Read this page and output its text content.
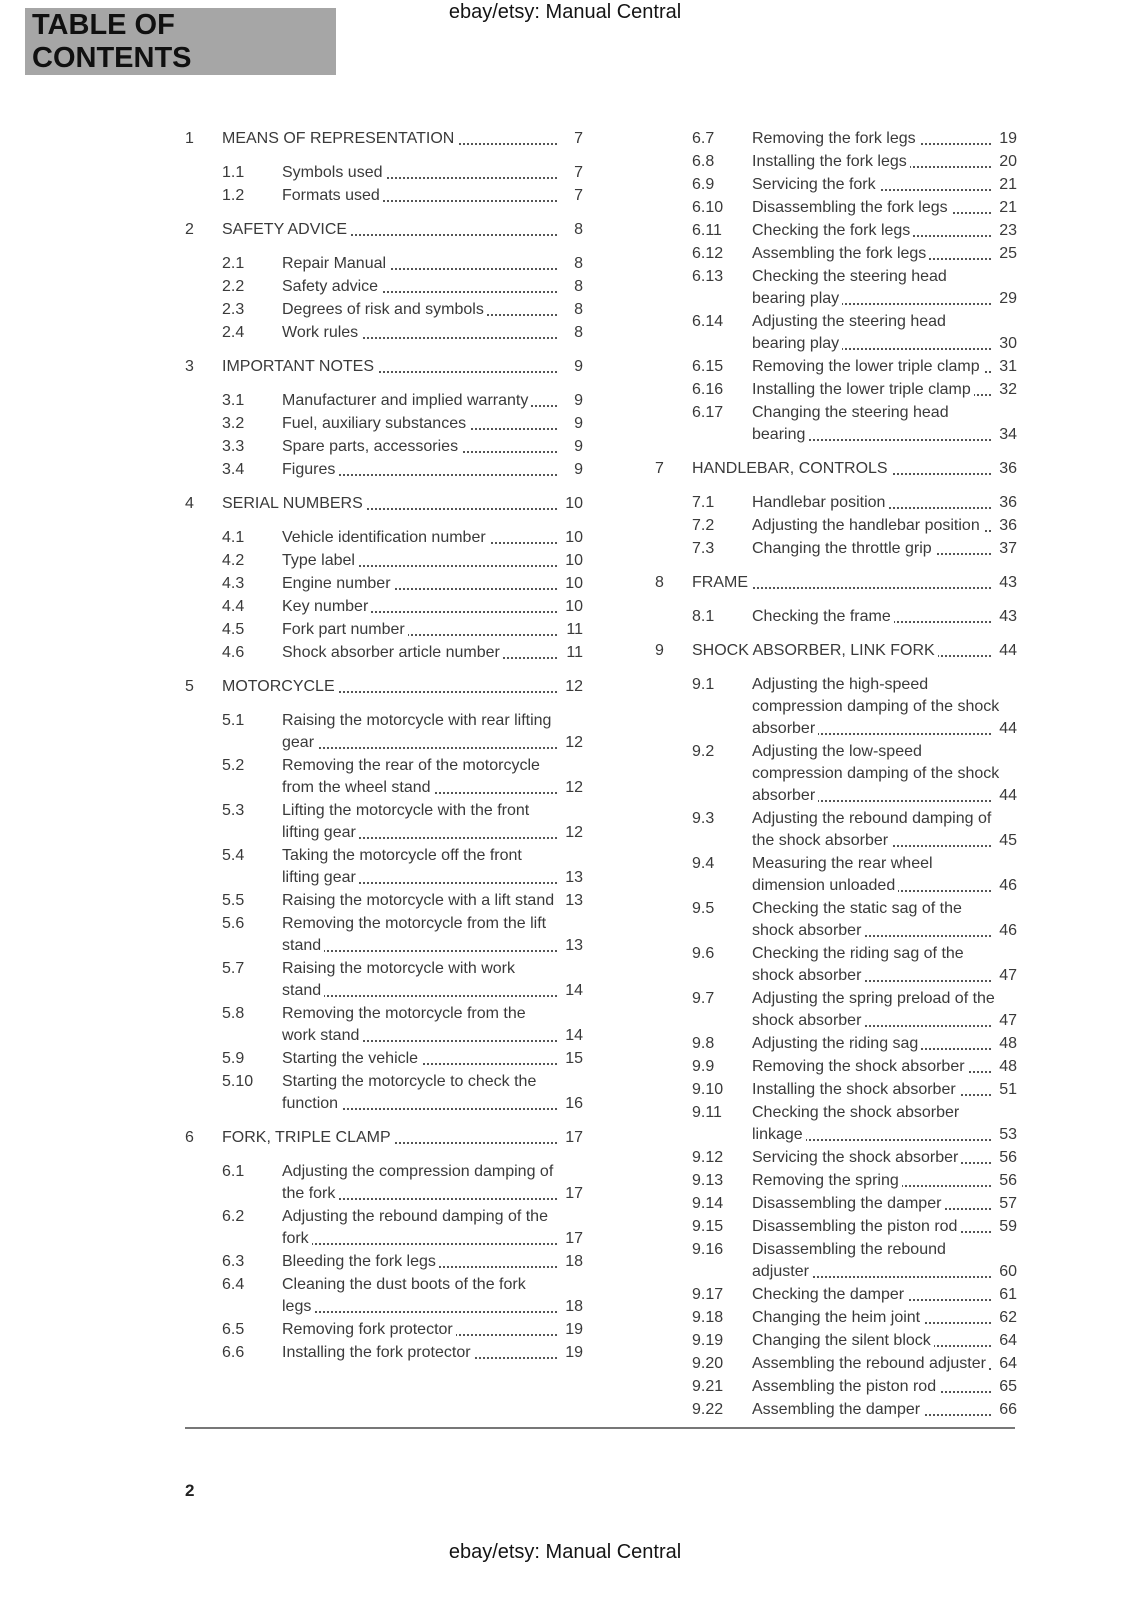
ebay/etsy: Manual Central
TABLE OF CONTENTS
1	MEANS OF REPRESENTATION	7
1.1	Symbols used	7
1.2	Formats used	7
2	SAFETY ADVICE	8
2.1	Repair Manual	8
2.2	Safety advice	8
2.3	Degrees of risk and symbols	8
2.4	Work rules	8
3	IMPORTANT NOTES	9
3.1	Manufacturer and implied warranty	9
3.2	Fuel, auxiliary substances	9
3.3	Spare parts, accessories	9
3.4	Figures	9
4	SERIAL NUMBERS	10
4.1	Vehicle identification number	10
4.2	Type label	10
4.3	Engine number	10
4.4	Key number	10
4.5	Fork part number	11
4.6	Shock absorber article number	11
5	MOTORCYCLE	12
5.1	Raising the motorcycle with rear lifting gear	12
5.2	Removing the rear of the motorcycle from the wheel stand	12
5.3	Lifting the motorcycle with the front lifting gear	12
5.4	Taking the motorcycle off the front lifting gear	13
5.5	Raising the motorcycle with a lift stand 13
5.6	Removing the motorcycle from the lift stand	13
5.7	Raising the motorcycle with work stand	14
5.8	Removing the motorcycle from the work stand	14
5.9	Starting the vehicle	15
5.10	Starting the motorcycle to check the function	16
6	FORK, TRIPLE CLAMP	17
6.1	Adjusting the compression damping of the fork	17
6.2	Adjusting the rebound damping of the fork	17
6.3	Bleeding the fork legs	18
6.4	Cleaning the dust boots of the fork legs	18
6.5	Removing fork protector	19
6.6	Installing the fork protector	19
6.7	Removing the fork legs	19
6.8	Installing the fork legs	20
6.9	Servicing the fork	21
6.10	Disassembling the fork legs	21
6.11	Checking the fork legs	23
6.12	Assembling the fork legs	25
6.13	Checking the steering head bearing play	29
6.14	Adjusting the steering head bearing play	30
6.15	Removing the lower triple clamp	31
6.16	Installing the lower triple clamp	32
6.17	Changing the steering head bearing	34
7	HANDLEBAR, CONTROLS	36
7.1	Handlebar position	36
7.2	Adjusting the handlebar position	36
7.3	Changing the throttle grip	37
8	FRAME	43
8.1	Checking the frame	43
9	SHOCK ABSORBER, LINK FORK	44
9.1	Adjusting the high-speed compression damping of the shock absorber	44
9.2	Adjusting the low-speed compression damping of the shock absorber	44
9.3	Adjusting the rebound damping of the shock absorber	45
9.4	Measuring the rear wheel dimension unloaded	46
9.5	Checking the static sag of the shock absorber	46
9.6	Checking the riding sag of the shock absorber	47
9.7	Adjusting the spring preload of the shock absorber	47
9.8	Adjusting the riding sag	48
9.9	Removing the shock absorber	48
9.10	Installing the shock absorber	51
9.11	Checking the shock absorber linkage	53
9.12	Servicing the shock absorber	56
9.13	Removing the spring	56
9.14	Disassembling the damper	57
9.15	Disassembling the piston rod	59
9.16	Disassembling the rebound adjuster	60
9.17	Checking the damper	61
9.18	Changing the heim joint	62
9.19	Changing the silent block	64
9.20	Assembling the rebound adjuster 64
9.21	Assembling the piston rod	65
9.22	Assembling the damper	66
2
ebay/etsy: Manual Central
